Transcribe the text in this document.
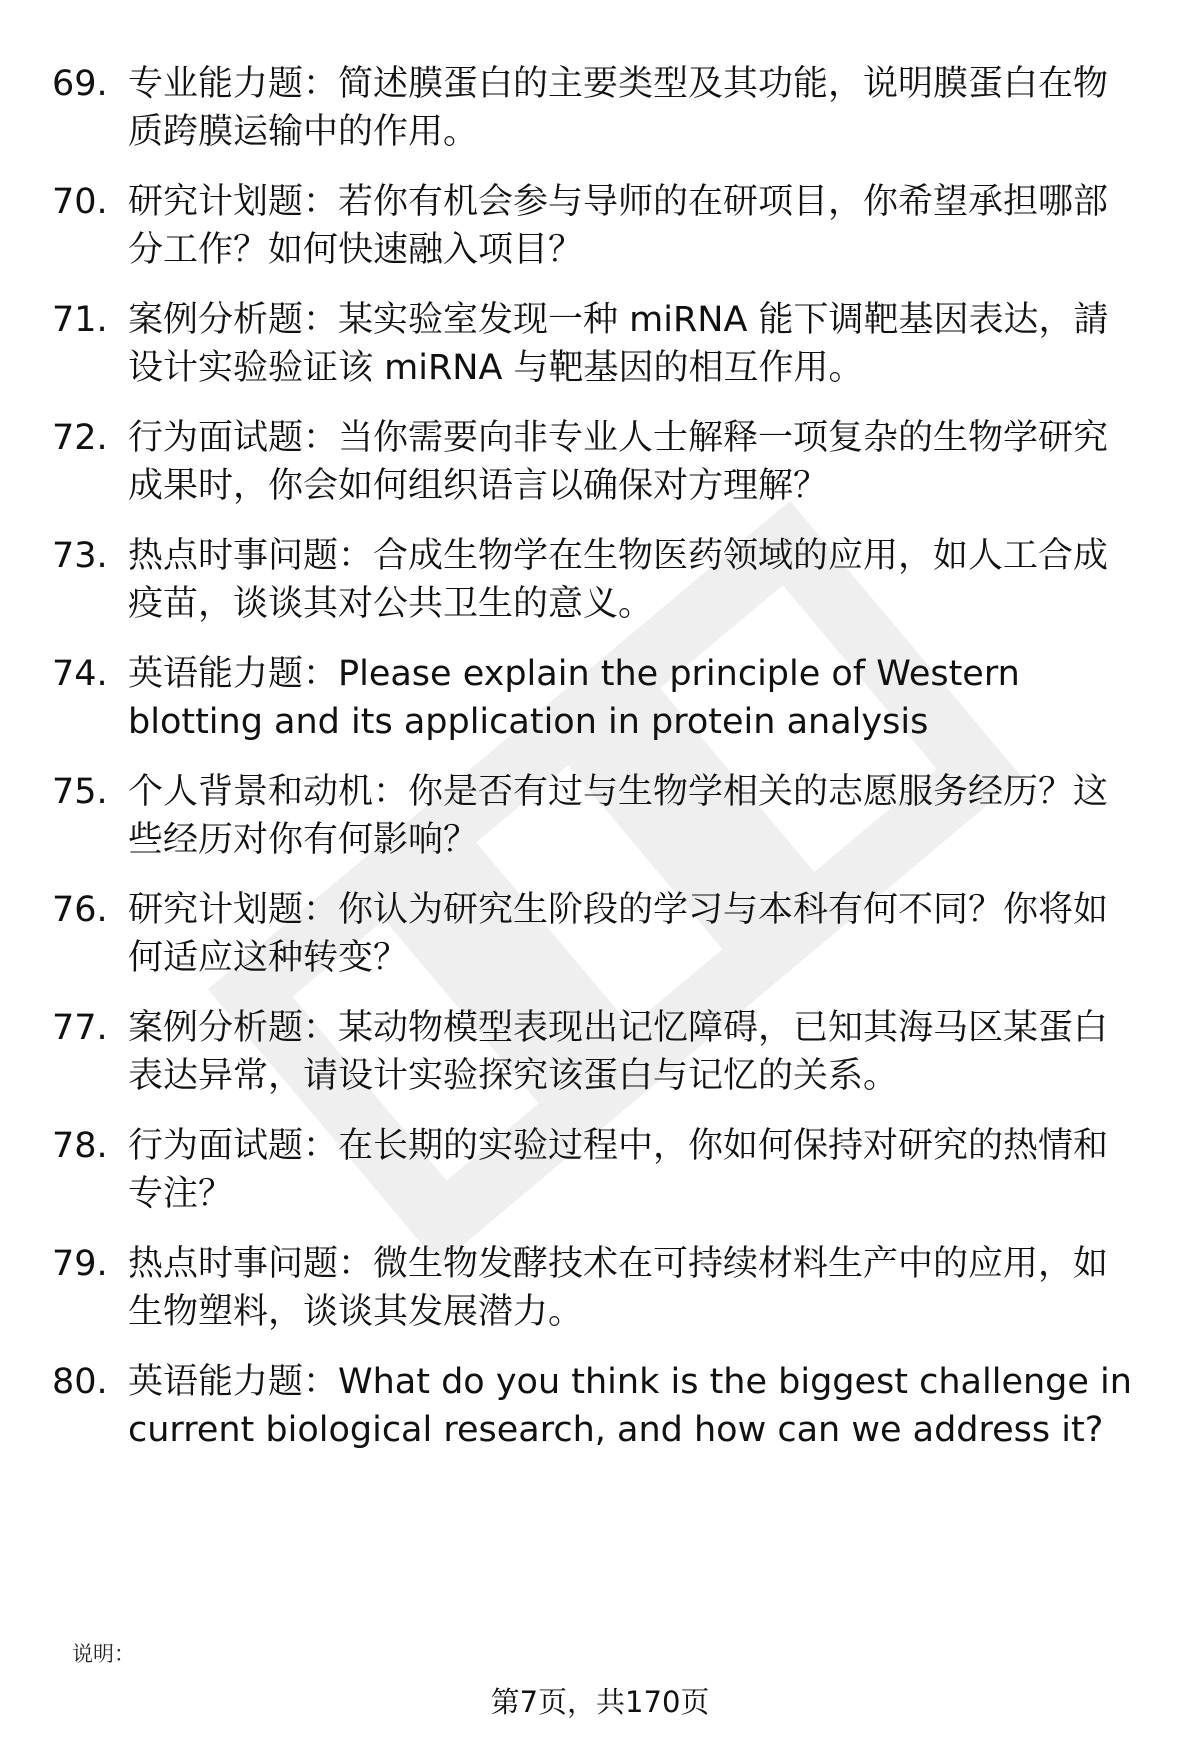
69. 专业能力题：简述膜蛋白的主要类型及其功能，说明膜蛋白在物质跨膜运输中的作用。
70. 研究计划题：若你有机会参与导师的在研项目，你希望承担哪部分工作？如何快速融入项目？
71. 案例分析题：某实验室发现一种 miRNA 能下调靶基因表达，請设计实验验证该 miRNA 与靶基因的相互作用。
72. 行为面试题：当你需要向非专业人士解释一项复杂的生物学研究成果时，你会如何组织语言以确保对方理解？
73. 热点时事问题：合成生物学在生物医药领域的应用，如人工合成疫苗，谈谈其对公共卫生的意义。
74. 英语能力题：Please explain the principle of Western blotting and its application in protein analysis
75. 个人背景和动机：你是否有过与生物学相关的志愿服务经历？这些经历对你有何影响？
76. 研究计划题：你认为研究生阶段的学习与本科有何不同？你将如何适应这种转变？
77. 案例分析题：某动物模型表现出记忆障碍，已知其海马区某蛋白表达异常，请设计实验探究该蛋白与记忆的关系。
78. 行为面试题：在长期的实验过程中，你如何保持对研究的热情和专注？
79. 热点时事问题：微生物发酵技术在可持续材料生产中的应用，如生物塑料，谈谈其发展潜力。
80. 英语能力题：What do you think is the biggest challenge in current biological research, and how can we address it?
说明：
第7页，共170页
